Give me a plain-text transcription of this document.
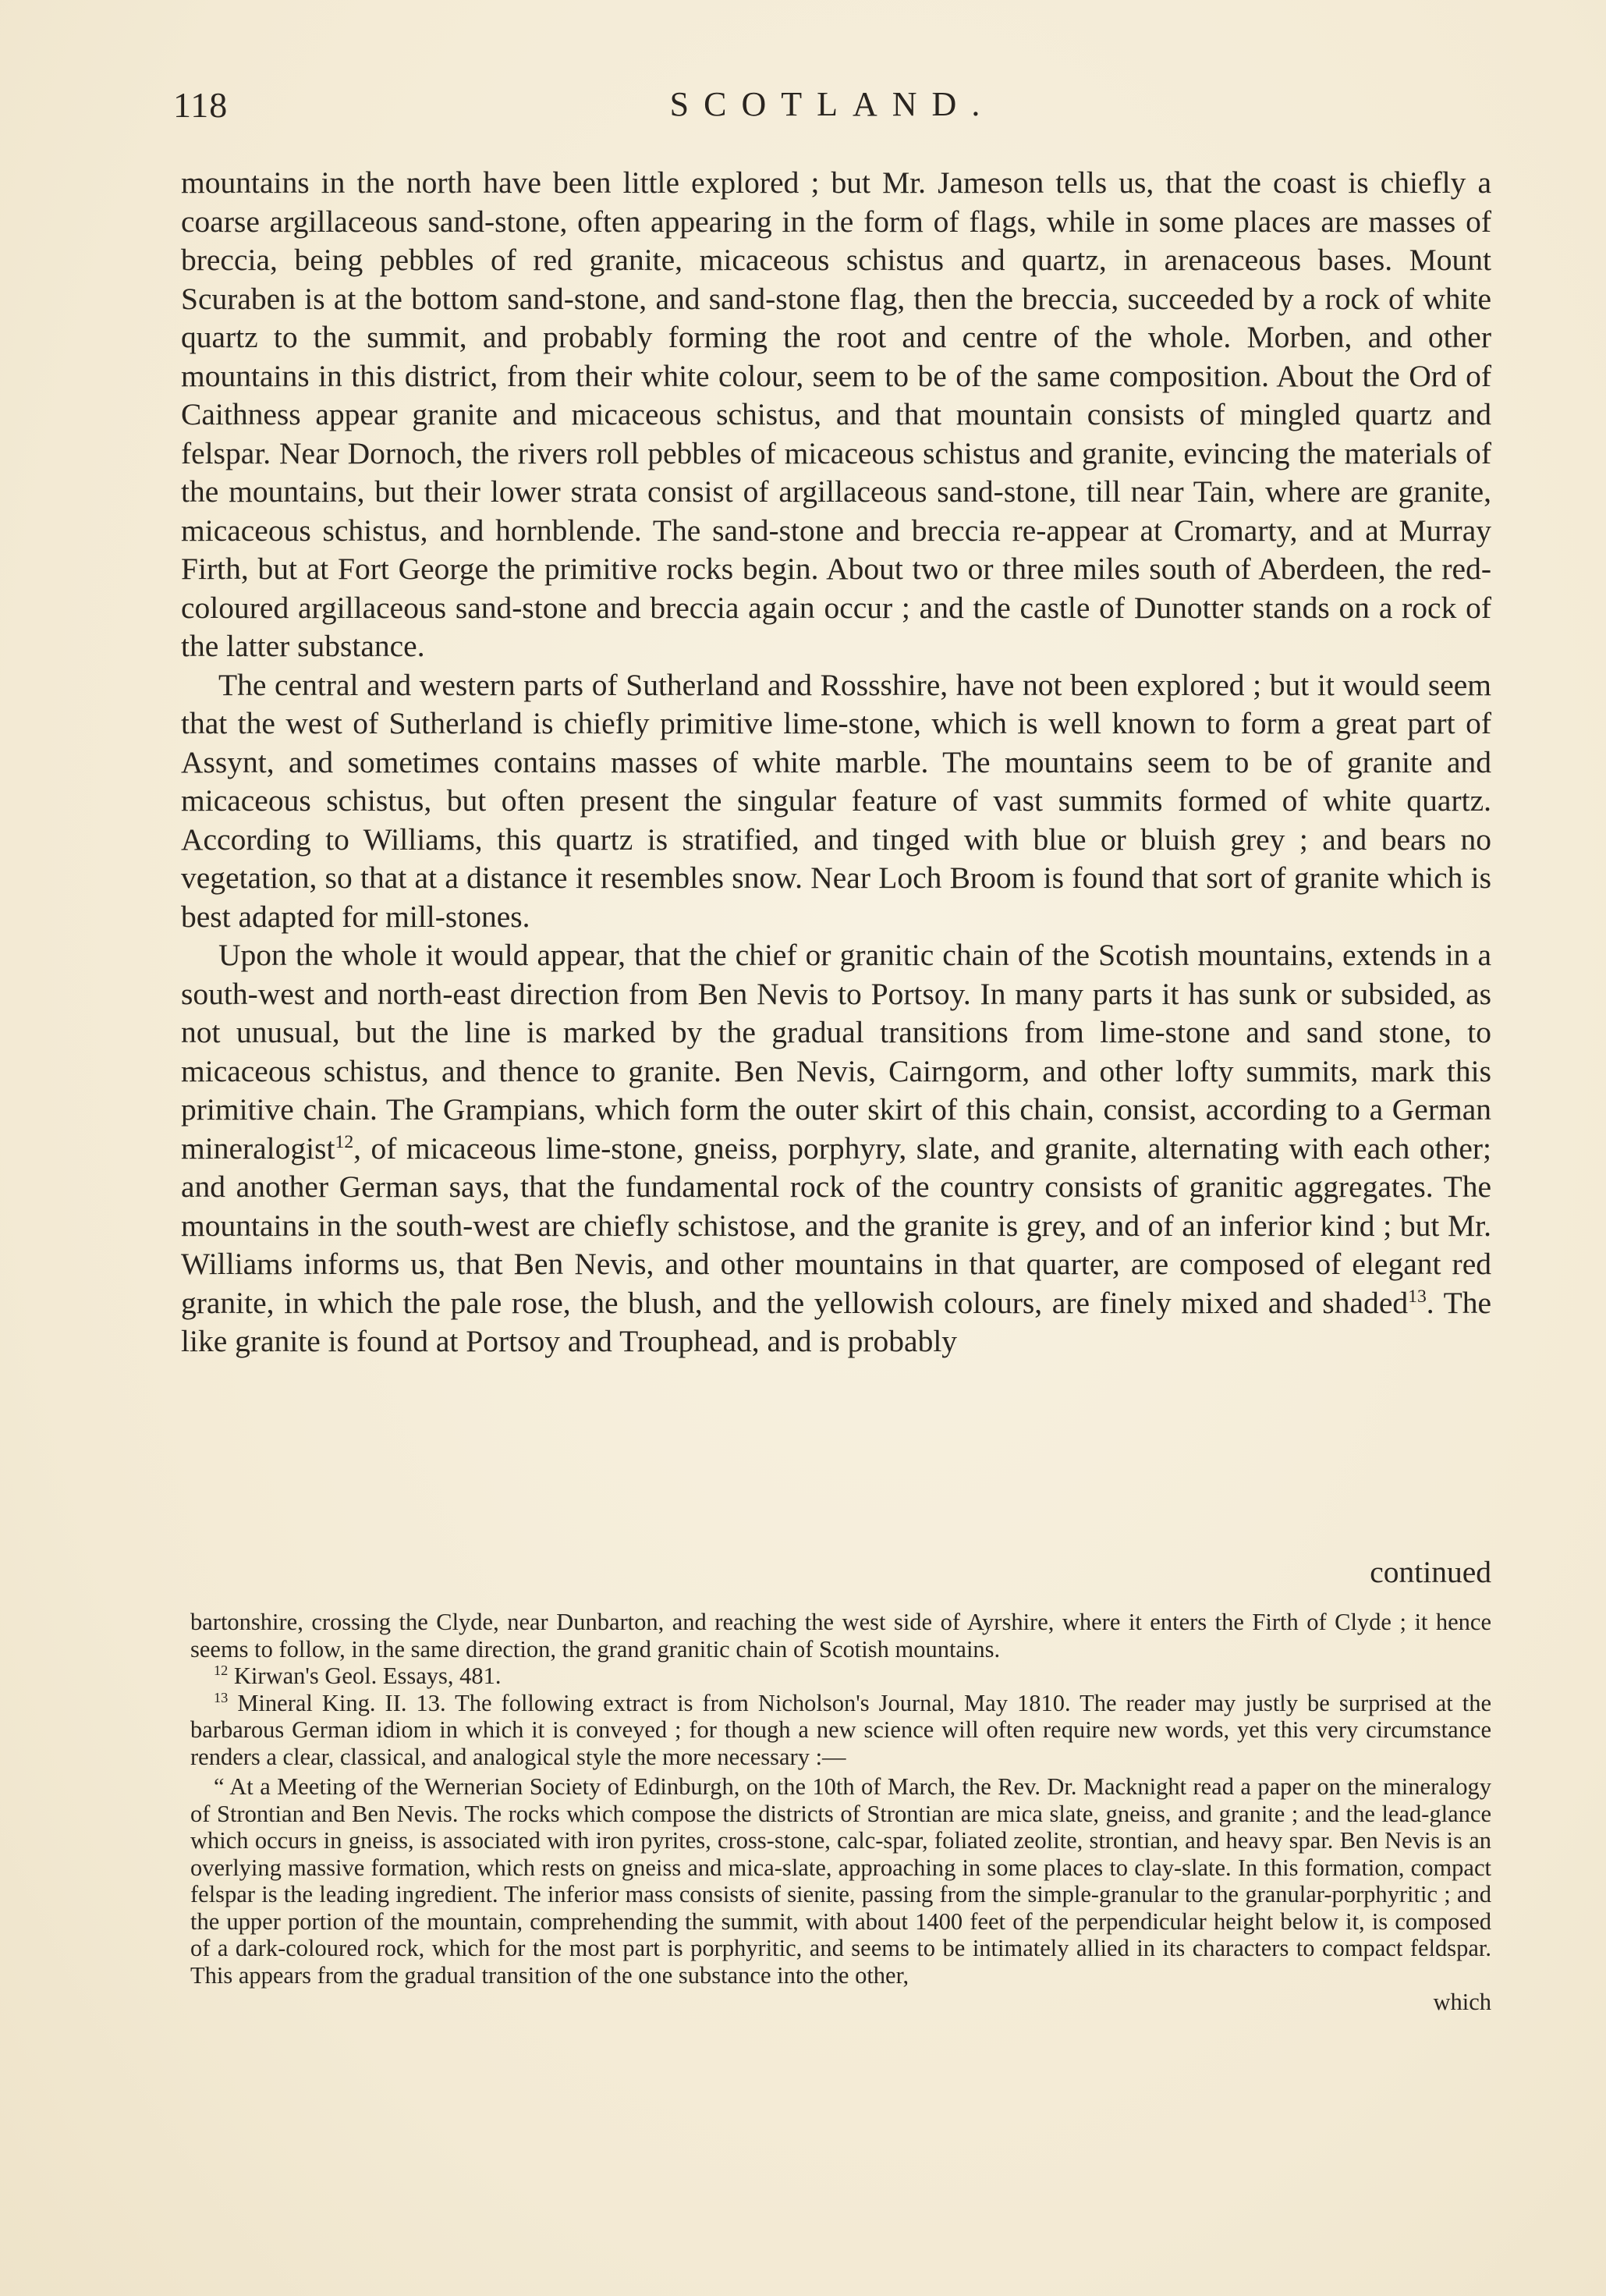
118	SCOTLAND.

mountains in the north have been little explored ; but Mr. Jameson tells us, that the coast is chiefly a coarse argillaceous sand-stone, often appearing in the form of flags, while in some places are masses of breccia, being pebbles of red granite, micaceous schistus and quartz, in arenaceous bases. Mount Scuraben is at the bottom sand-stone, and sand-stone flag, then the breccia, succeeded by a rock of white quartz to the summit, and probably forming the root and centre of the whole. Morben, and other mountains in this district, from their white colour, seem to be of the same composition. About the Ord of Caithness appear granite and micaceous schistus, and that mountain consists of mingled quartz and felspar. Near Dornoch, the rivers roll pebbles of micaceous schistus and granite, evincing the materials of the mountains, but their lower strata consist of argillaceous sand-stone, till near Tain, where are granite, micaceous schistus, and hornblende. The sand-stone and breccia re-appear at Cromarty, and at Murray Firth, but at Fort George the primitive rocks begin. About two or three miles south of Aberdeen, the red-coloured argillaceous sand-stone and breccia again occur ; and the castle of Dunotter stands on a rock of the latter substance.

The central and western parts of Sutherland and Rossshire, have not been explored ; but it would seem that the west of Sutherland is chiefly primitive lime-stone, which is well known to form a great part of Assynt, and sometimes contains masses of white marble. The mountains seem to be of granite and micaceous schistus, but often present the singular feature of vast summits formed of white quartz. According to Williams, this quartz is stratified, and tinged with blue or bluish grey ; and bears no vegetation, so that at a distance it resembles snow. Near Loch Broom is found that sort of granite which is best adapted for mill-stones.

Upon the whole it would appear, that the chief or granitic chain of the Scotish mountains, extends in a south-west and north-east direction from Ben Nevis to Portsoy. In many parts it has sunk or subsided, as not unusual, but the line is marked by the gradual transitions from lime-stone and sand stone, to micaceous schistus, and thence to granite. Ben Nevis, Cairngorm, and other lofty summits, mark this primitive chain. The Grampians, which form the outer skirt of this chain, consist, according to a German mineralogist$^{12}$, of micaceous lime-stone, gneiss, porphyry, slate, and granite, alternating with each other; and another German says, that the fundamental rock of the country consists of granitic aggregates. The mountains in the south-west are chiefly schistose, and the granite is grey, and of an inferior kind ; but Mr. Williams informs us, that Ben Nevis, and other mountains in that quarter, are composed of elegant red granite, in which the pale rose, the blush, and the yellowish colours, are finely mixed and shaded$^{13}$. The like granite is found at Portsoy and Trouphead, and is probably

continued

bartonshire, crossing the Clyde, near Dunbarton, and reaching the west side of Ayrshire, where it enters the Firth of Clyde ; it hence seems to follow, in the same direction, the grand granitic chain of Scotish mountains.

$^{12}$ Kirwan's Geol. Essays, 481.

$^{13}$ Mineral King. II. 13. The following extract is from Nicholson's Journal, May 1810. The reader may justly be surprised at the barbarous German idiom in which it is conveyed ; for though a new science will often require new words, yet this very circumstance renders a clear, classical, and analogical style the more necessary :—

“ At a Meeting of the Wernerian Society of Edinburgh, on the 10th of March, the Rev. Dr. Macknight read a paper on the mineralogy of Strontian and Ben Nevis. The rocks which compose the districts of Strontian are mica slate, gneiss, and granite ; and the lead-glance which occurs in gneiss, is associated with iron pyrites, cross-stone, calc-spar, foliated zeolite, strontian, and heavy spar. Ben Nevis is an overlying massive formation, which rests on gneiss and mica-slate, approaching in some places to clay-slate. In this formation, compact felspar is the leading ingredient. The inferior mass consists of sienite, passing from the simple-granular to the granular-porphyritic ; and the upper portion of the mountain, comprehending the summit, with about 1400 feet of the perpendicular height below it, is composed of a dark-coloured rock, which for the most part is porphyritic, and seems to be intimately allied in its characters to compact feldspar. This appears from the gradual transition of the one substance into the other,

which
